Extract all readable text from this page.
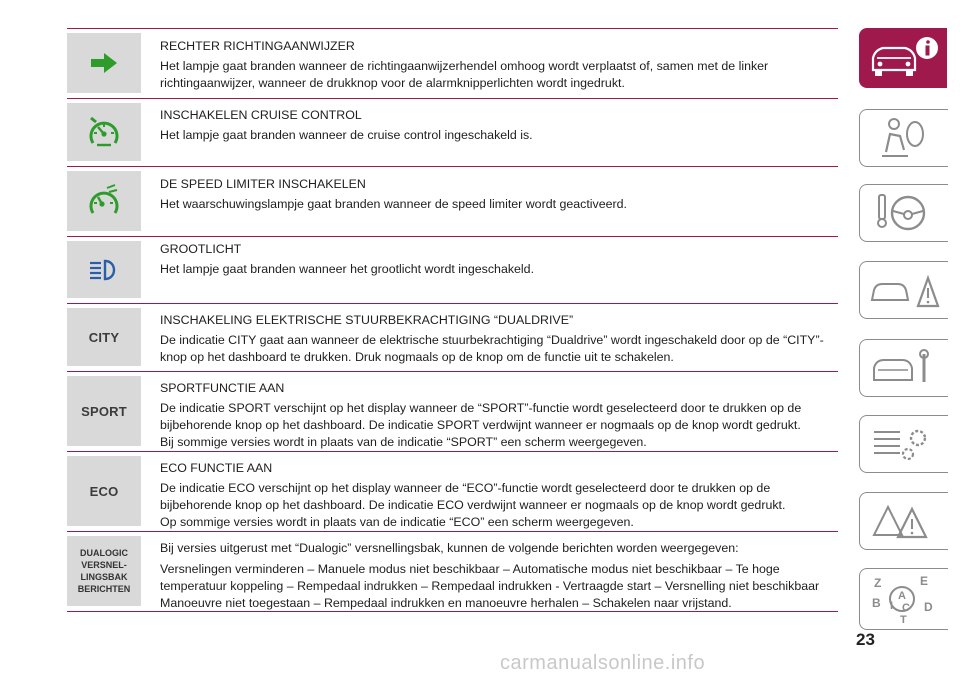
CITY
SPORT
ECO
DUALOGIC
VERSNEL-
LINGSBAK
BERICHTEN

RECHTER RICHTINGAANWIJZER

Het lampje gaat branden wanneer de richtingaanwijzerhendel omhoog wordt verplaatst of, samen met de linker

richtingaanwijzer, wanneer de drukknop voor de alarmknipperlichten wordt ingedrukt.

INSCHAKELEN CRUISE CONTROL

Het lampje gaat branden wanneer de cruise control ingeschakeld is.

DE SPEED LIMITER INSCHAKELEN

Het waarschuwingslampje gaat branden wanneer de speed limiter wordt geactiveerd.

GROOTLICHT

Het lampje gaat branden wanneer het grootlicht wordt ingeschakeld.

INSCHAKELING ELEKTRISCHE STUURBEKRACHTIGING “DUALDRIVE”

De indicatie CITY gaat aan wanneer de elektrische stuurbekrachtiging “Dualdrive” wordt ingeschakeld door op de “CITY”-

knop op het dashboard te drukken. Druk nogmaals op de knop om de functie uit te schakelen.

SPORTFUNCTIE AAN

De indicatie SPORT verschijnt op het display wanneer de “SPORT”-functie wordt geselecteerd door te drukken op de

bijbehorende knop op het dashboard. De indicatie SPORT verdwijnt wanneer er nogmaals op de knop wordt gedrukt.

Bij sommige versies wordt in plaats van de indicatie “SPORT” een scherm weergegeven.

ECO FUNCTIE AAN

De indicatie ECO verschijnt op het display wanneer de “ECO”-functie wordt geselecteerd door te drukken op de

bijbehorende knop op het dashboard. De indicatie ECO verdwijnt wanneer er nogmaals op de knop wordt gedrukt.

Op sommige versies wordt in plaats van de indicatie “ECO” een scherm weergegeven.

Bij versies uitgerust met “Dualogic” versnellingsbak, kunnen de volgende berichten worden weergegeven:

Versnelingen verminderen – Manuele modus niet beschikbaar – Automatische modus niet beschikbaar – Te hoge

temperatuur koppeling – Rempedaal indrukken – Rempedaal indrukken - Vertraagde start – Versnelling niet beschikbaar

Manoeuvre niet toegestaan – Rempedaal indrukken en manoeuvre herhalen – Schakelen naar vrijstand.

Z	E
A
B I C D
T
23
carmanualsonline.info
